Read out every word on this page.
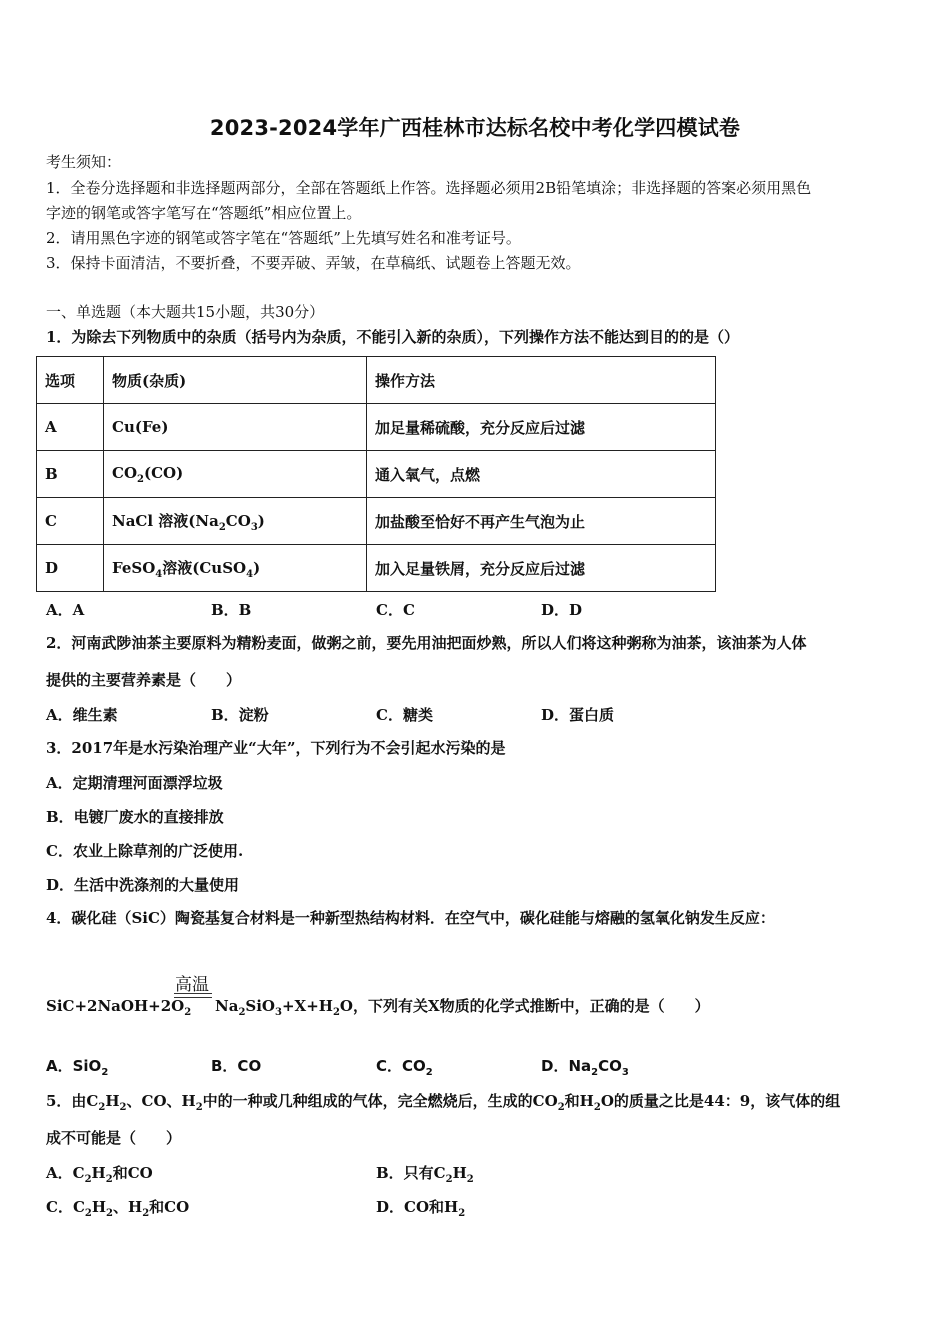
2023-2024学年广西桂林市达标名校中考化学四模试卷
考生须知：
1．全卷分选择题和非选择题两部分，全部在答题纸上作答。选择题必须用2B铅笔填涂；非选择题的答案必须用黑色
字迹的钢笔或答字笔写在“答题纸”相应位置上。
2．请用黑色字迹的钢笔或答字笔在“答题纸”上先填写姓名和准考证号。
3．保持卡面清洁，不要折叠，不要弄破、弄皱，在草稿纸、试题卷上答题无效。
一、单选题（本大题共15小题，共30分）
1．为除去下列物质中的杂质（括号内为杂质，不能引入新的杂质），下列操作方法不能达到目的的是（）
选项	物质(杂质)	操作方法
A	Cu(Fe)	加足量稀硫酸，充分反应后过滤
B	$CO_2(CO)$	通入氧气，点燃
C	NaCl 溶液$(Na_2CO_3)$	加盐酸至恰好不再产生气泡为止
D	FeSO$_4$溶液(CuSO$_4$)	加入足量铁屑，充分反应后过滤
A．A	B．B	C．C	D．D
2．河南武陟油茶主要原料为精粉麦面，做粥之前，要先用油把面炒熟，所以人们将这种粥称为油茶，该油茶为人体
提供的主要营养素是（　　）
A．维生素	B．淀粉	C．糖类	D．蛋白质
3．2017年是水污染治理产业“大年”，下列行为不会引起水污染的是
A．定期清理河面漂浮垃圾
B．电镀厂废水的直接排放
C．农业上除草剂的广泛使用.
D．生活中洗涤剂的大量使用
4．碳化硅（SiC）陶瓷基复合材料是一种新型热结构材料．在空气中，碳化硅能与熔融的氢氧化钠发生反应：
高温
$SiC+2NaOH+2O_2$ $Na_2SiO_3+X+H_2O$，下列有关X物质的化学式推断中，正确的是（　　）
A．SiO$_2$	B．CO	C．$CO_2$	D．$Na_2CO_3$
5．由$C_2H_2$、CO、$H_2$中的一种或几种组成的气体，完全燃烧后，生成的$CO_2$和$H_2O$的质量之比是44：9，该气体的组
成不可能是（　　）
A．$C_2H_2$和CO	B．只有$C_2H_2$
C．$C_2H_2$、$H_2$和CO	D．CO和$H_2$
